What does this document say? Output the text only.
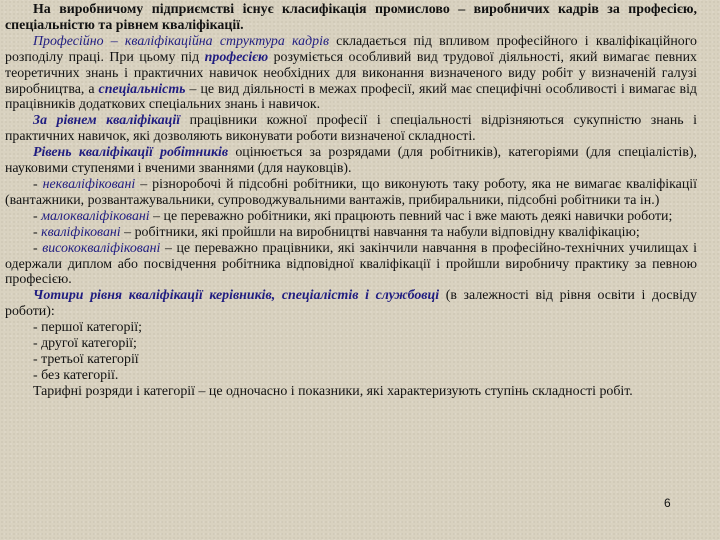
На виробничому підприємстві існує класифікація промислово – виробничих кадрів за професією, спеціальністю та рівнем кваліфікації.

Професійно – кваліфікаційна структура кадрів складається під впливом професійного і кваліфікаційного розподілу праці. При цьому під професією розуміється особливий вид трудової діяльності, який вимагає певних теоретичних знань і практичних навичок необхідних для виконання визначеного виду робіт у визначеній галузі виробництва, а спеціальність – це вид діяльності в межах професії, який має специфічні особливості і вимагає від працівників додаткових спеціальних знань і навичок.

За рівнем кваліфікації працівники кожної професії і спеціальності відрізняються сукупністю знань і практичних навичок, які дозволяють виконувати роботи визначеної складності.

Рівень кваліфікації робітників оцінюється за розрядами (для робітників), категоріями (для спеціалістів), науковими ступенями і вченими званнями (для науковців).

- некваліфіковані – різноробочі й підсобні робітники, що виконують таку роботу, яка не вимагає кваліфікації (вантажники, розвантажувальники, супроводжувальними вантажів, прибиральники, підсобні робітники та ін.)

- малокваліфіковані – це переважно робітники, які працюють певний час і вже мають деякі навички роботи;

- кваліфіковані – робітники, які пройшли на виробництві навчання та набули відповідну кваліфікацію;

- висококваліфіковані – це переважно працівники, які закінчили навчання в професійно-технічних училищах і одержали диплом або посвідчення робітника відповідної кваліфікації і пройшли виробничу практику за певною професією.

Чотири рівня кваліфікації керівників, спеціалістів і службовці (в залежності від рівня освіти і досвіду роботи):

- першої категорії;

- другої категорії;

- третьої категорії

- без категорії.

Тарифні розряди і категорії – це одночасно і показники, які характеризують ступінь складності робіт.

6
